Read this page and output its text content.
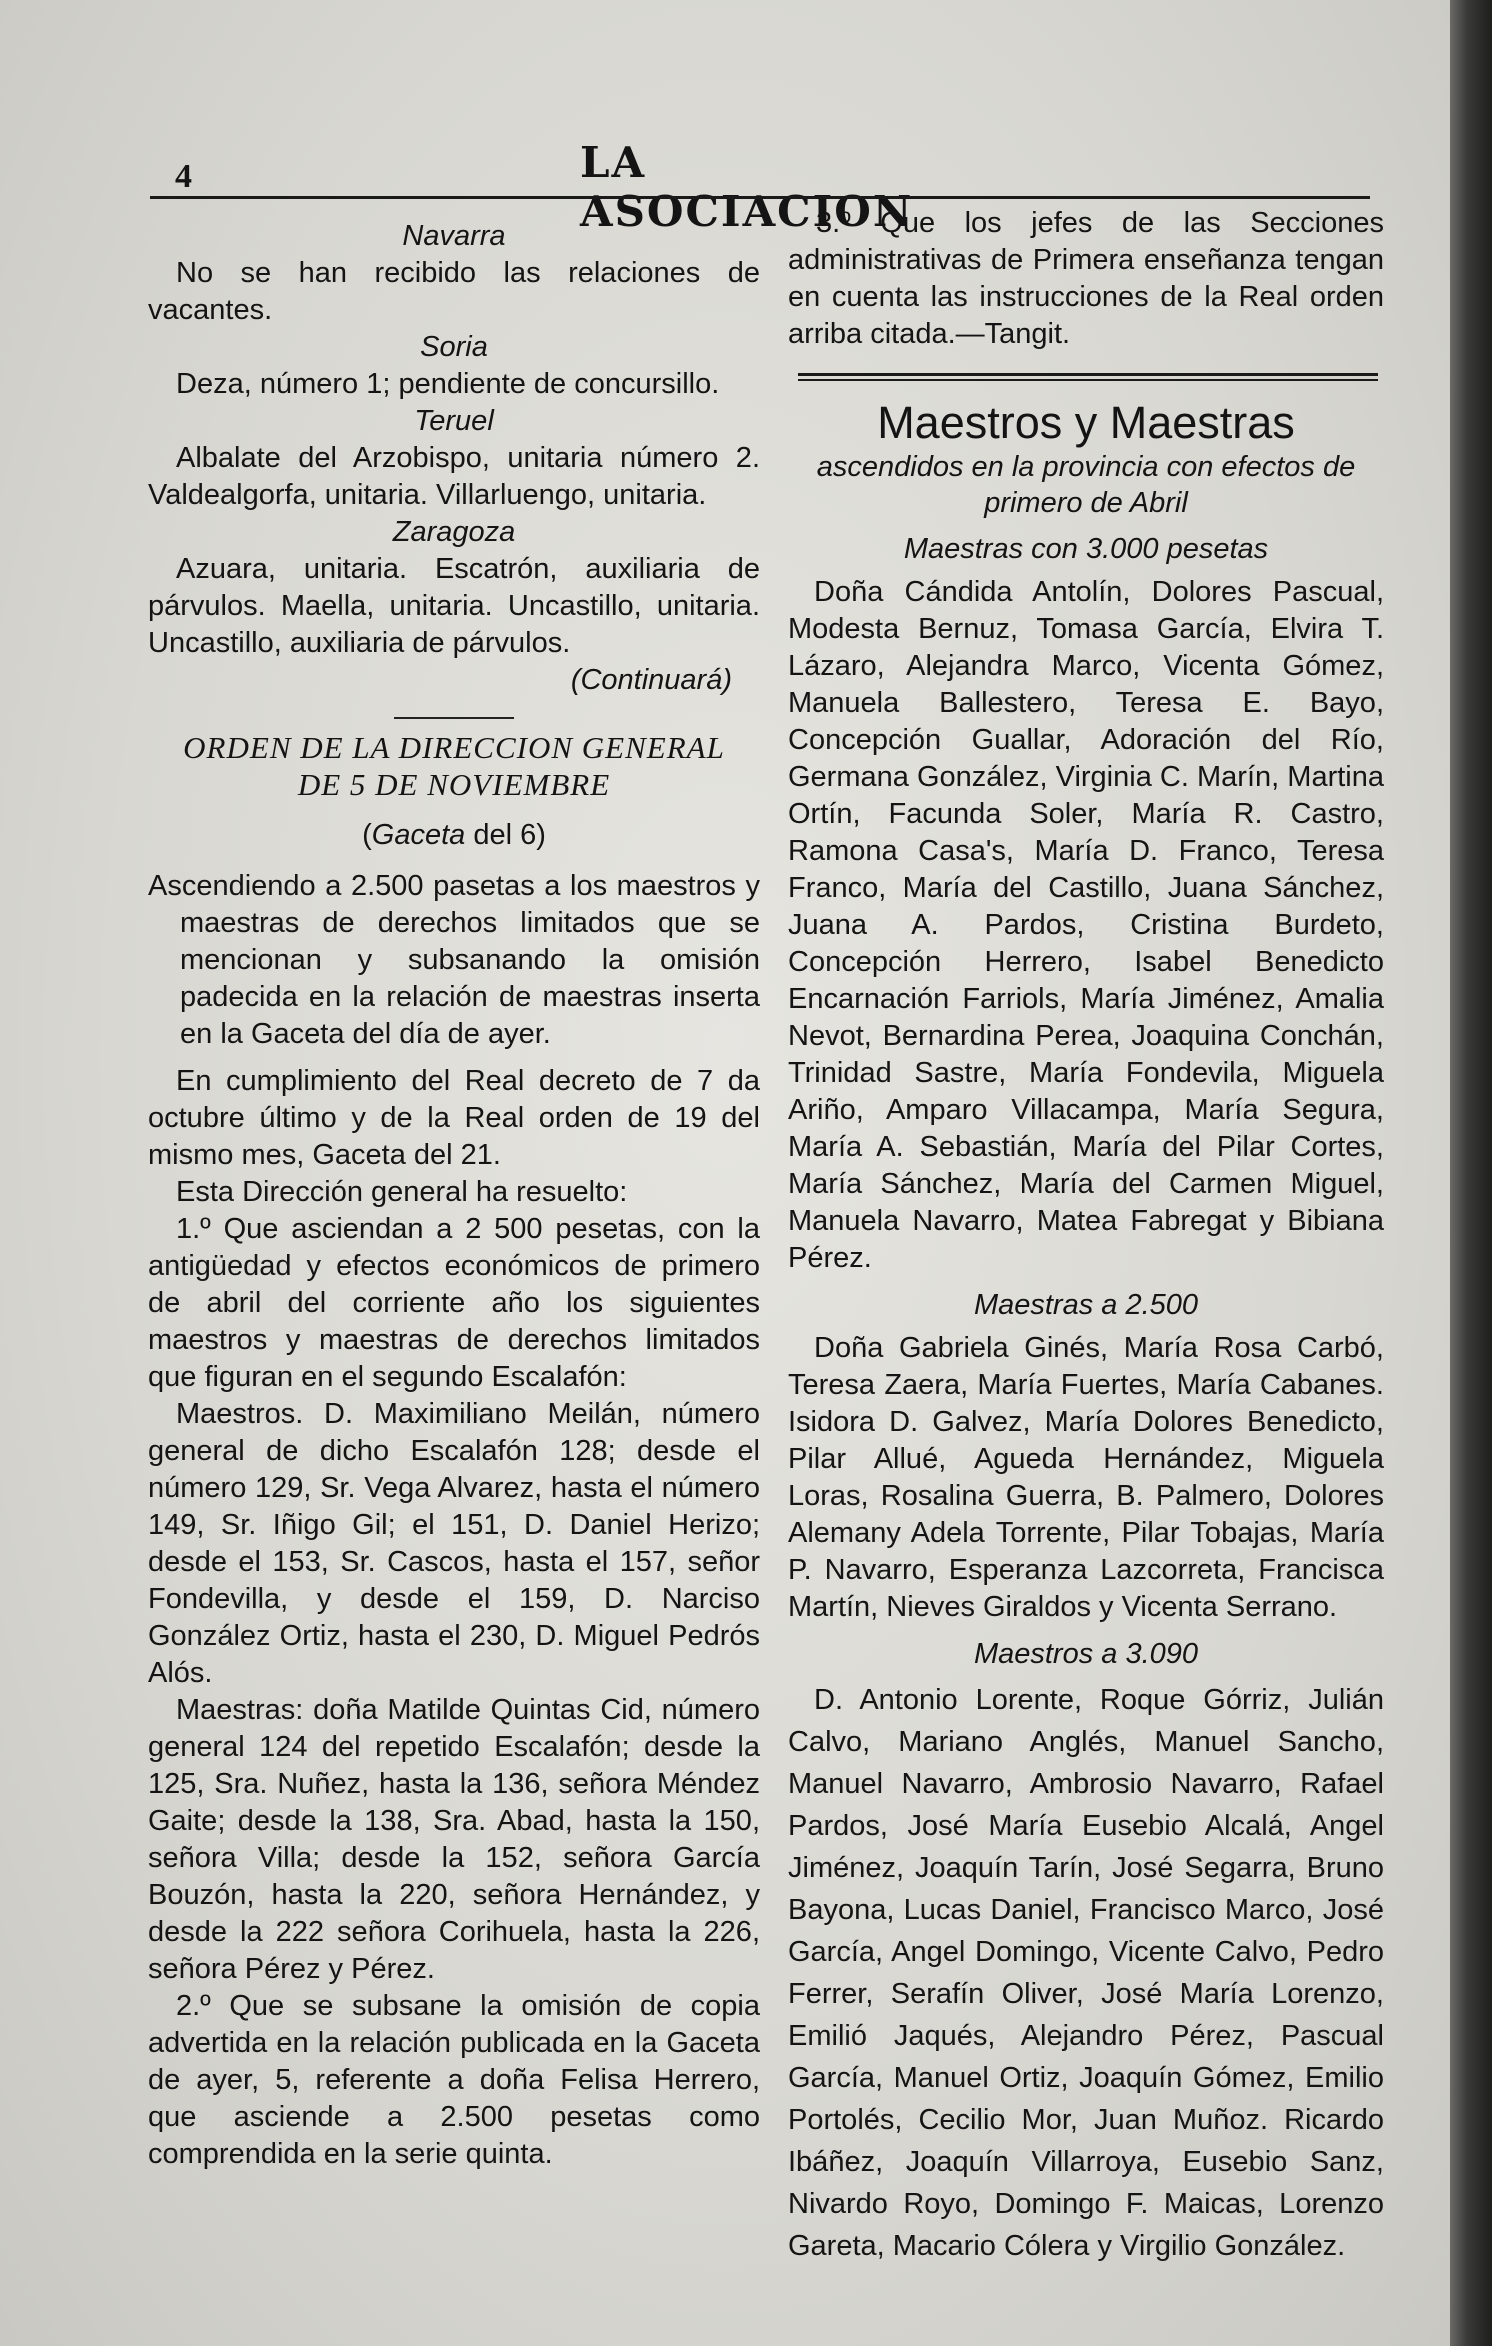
4	LA ASOCIACION

Navarra

No se han recibido las relaciones de vacantes.

Soria

Deza, número 1; pendiente de concursillo.

Teruel

Albalate del Arzobispo, unitaria número 2. Valdealgorfa, unitaria. Villarluengo, unitaria.

Zaragoza

Azuara, unitaria. Escatrón, auxiliaria de párvulos. Maella, unitaria. Uncastillo, unitaria. Uncastillo, auxiliaria de párvulos.

(Continuará)

ORDEN DE LA DIRECCION GENERAL

DE 5 DE NOVIEMBRE

(Gaceta del 6)

Ascendiendo a 2.500 pasetas a los maestros y maestras de derechos limitados que se mencionan y subsanando la omisión padecida en la relación de maestras inserta en la Gaceta del día de ayer.

En cumplimiento del Real decreto de 7 da octubre último y de la Real orden de 19 del mismo mes, Gaceta del 21.

Esta Dirección general ha resuelto:

1.º Que asciendan a 2 500 pesetas, con la antigüedad y efectos económicos de primero de abril del corriente año los siguientes maestros y maestras de derechos limitados que figuran en el segundo Escalafón:

Maestros. D. Maximiliano Meilán, número general de dicho Escalafón 128; desde el número 129, Sr. Vega Alvarez, hasta el número 149, Sr. Iñigo Gil; el 151, D. Daniel Herizo; desde el 153, Sr. Cascos, hasta el 157, señor Fondevilla, y desde el 159, D. Narciso González Ortiz, hasta el 230, D. Miguel Pedrós Alós.

Maestras: doña Matilde Quintas Cid, número general 124 del repetido Escalafón; desde la 125, Sra. Nuñez, hasta la 136, señora Méndez Gaite; desde la 138, Sra. Abad, hasta la 150, señora Villa; desde la 152, señora García Bouzón, hasta la 220, señora Hernández, y desde la 222 señora Corihuela, hasta la 226, señora Pérez y Pérez.

2.º Que se subsane la omisión de copia advertida en la relación publicada en la Gaceta de ayer, 5, referente a doña Felisa Herrero, que asciende a 2.500 pesetas como comprendida en la serie quinta.

3.º Que los jefes de las Secciones administrativas de Primera enseñanza tengan en cuenta las instrucciones de la Real orden arriba citada.—Tangit.

Maestros y Maestras

ascendidos en la provincia con efectos de

primero de Abril

Maestras con 3.000 pesetas

Doña Cándida Antolín, Dolores Pascual, Modesta Bernuz, Tomasa García, Elvira T. Lázaro, Alejandra Marco, Vicenta Gómez, Manuela Ballestero, Teresa E. Bayo, Concepción Guallar, Adoración del Río, Germana González, Virginia C. Marín, Martina Ortín, Facunda Soler, María R. Castro, Ramona Casa's, María D. Franco, Teresa Franco, María del Castillo, Juana Sánchez, Juana A. Pardos, Cristina Burdeto, Concepción Herrero, Isabel Benedicto Encarnación Farriols, María Jiménez, Amalia Nevot, Bernardina Perea, Joaquina Conchán, Trinidad Sastre, María Fondevila, Miguela Ariño, Amparo Villacampa, María Segura, María A. Sebastián, María del Pilar Cortes, María Sánchez, María del Carmen Miguel, Manuela Navarro, Matea Fabregat y Bibiana Pérez.

Maestras a 2.500

Doña Gabriela Ginés, María Rosa Carbó, Teresa Zaera, María Fuertes, María Cabanes. Isidora D. Galvez, María Dolores Benedicto, Pilar Allué, Agueda Hernández, Miguela Loras, Rosalina Guerra, B. Palmero, Dolores Alemany Adela Torrente, Pilar Tobajas, María P. Navarro, Esperanza Lazcorreta, Francisca Martín, Nieves Giraldos y Vicenta Serrano.

Maestros a 3.090

D. Antonio Lorente, Roque Górriz, Julián Calvo, Mariano Anglés, Manuel Sancho, Manuel Navarro, Ambrosio Navarro, Rafael Pardos, José María Eusebio Alcalá, Angel Jiménez, Joaquín Tarín, José Segarra, Bruno Bayona, Lucas Daniel, Francisco Marco, José García, Angel Domingo, Vicente Calvo, Pedro Ferrer, Serafín Oliver, José María Lorenzo, Emilió Jaqués, Alejandro Pérez, Pascual García, Manuel Ortiz, Joaquín Gómez, Emilio Portolés, Cecilio Mor, Juan Muñoz. Ricardo Ibáñez, Joaquín Villarroya, Eusebio Sanz, Nivardo Royo, Domingo F. Maicas, Lorenzo Gareta, Macario Cólera y Virgilio González.
